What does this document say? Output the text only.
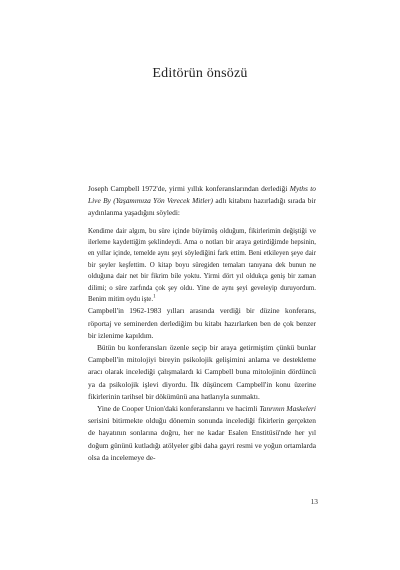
Editörün önsözü

Joseph Campbell 1972'de, yirmi yıllık konferanslarından derlediği Myths to Live By (Yaşamımıza Yön Verecek Mitler) adlı kitabını hazırladığı sırada bir aydınlanma yaşadığını söyledi:

Kendime dair algım, bu süre içinde büyümüş olduğum, fikirlerimin değiştiği ve ilerleme kaydettiğim şeklindeydi. Ama o notları bir araya getirdiğimde hepsinin, en yıllar içinde, temelde aynı şeyi söylediğini fark ettim. Beni etkileyen şeye dair bir şeyler keşfettim. O kitap boyu süregiden temaları tanıyana dek bunun ne olduğuna dair net bir fikrim bile yoktu. Yirmi dört yıl oldukça geniş bir zaman dilimi; o süre zarfında çok şey oldu. Yine de aynı şeyi geveleyip duruyordum. Benim mitim oydu işte.$^1$

Campbell'in 1962-1983 yılları arasında verdiği bir düzine konferans, röportaj ve seminerden derlediğim bu kitabı hazırlarken ben de çok benzer bir izlenime kapıldım.

Bütün bu konferansları özenle seçip bir araya getirmiştim çünkü bunlar Campbell'in mitolojiyi bireyin psikolojik gelişimini anlama ve destekleme aracı olarak incelediği çalışmalardı ki Campbell buna mitolojinin dördüncü ya da psikolojik işlevi diyordu. İlk düşüncem Campbell'in konu üzerine fikirlerinin tarihsel bir dökümünü ana hatlarıyla sunmaktı.

Yine de Cooper Union'daki konferanslarını ve hacimli Tanrının Maskeleri serisini bitirmekte olduğu dönemin sonunda incelediği fikirlerin gerçekten de hayatının sonlarına doğru, her ne kadar Esalen Enstitüsü'nde her yıl doğum gününü kutladığı atölyeler gibi daha gayri resmi ve yoğun ortamlarda olsa da incelemeye de-

13
